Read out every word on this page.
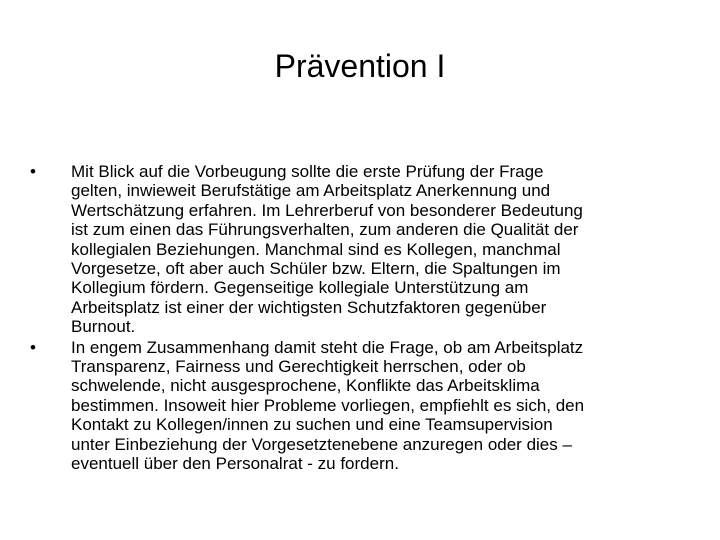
Prävention I
•	Mit Blick auf die Vorbeugung sollte die erste Prüfung der Frage
gelten, inwieweit Berufstätige am Arbeitsplatz Anerkennung und
Wertschätzung erfahren. Im Lehrerberuf von besonderer Bedeutung
ist zum einen das Führungsverhalten, zum anderen die Qualität der
kollegialen Beziehungen. Manchmal sind es Kollegen, manchmal
Vorgesetze, oft aber auch Schüler bzw. Eltern, die Spaltungen im
Kollegium fördern. Gegenseitige kollegiale Unterstützung am
Arbeitsplatz ist einer der wichtigsten Schutzfaktoren gegenüber
Burnout.
•	In engem Zusammenhang damit steht die Frage, ob am Arbeitsplatz
Transparenz, Fairness und Gerechtigkeit herrschen, oder ob
schwelende, nicht ausgesprochene, Konflikte das Arbeitsklima
bestimmen. Insoweit hier Probleme vorliegen, empfiehlt es sich, den
Kontakt zu Kollegen/innen zu suchen und eine Teamsupervision
unter Einbeziehung der Vorgesetztenebene anzuregen oder dies –
eventuell über den Personalrat - zu fordern.
